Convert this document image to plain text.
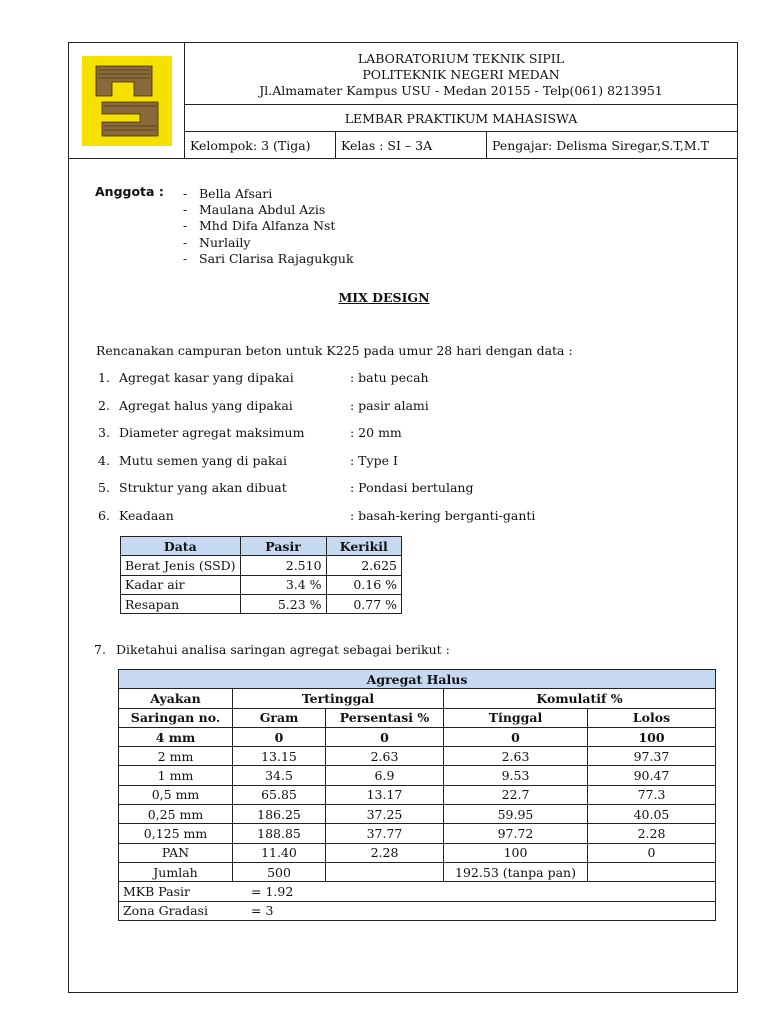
LABORATORIUM TEKNIK SIPIL
POLITEKNIK NEGERI MEDAN
Jl.Almamater Kampus USU - Medan 20155 - Telp(061) 8213951		

	LEMBAR PRAKTIKUM MAHASISWA		
	Kelompok: 3 (Tiga)	Kelas : SI – 3A	Pengajar: Delisma Siregar,S.T,M.T
Anggota : - Bella Afsari
- Maulana Abdul Azis
- Mhd Difa Alfanza Nst
- Nurlaily
- Sari Clarisa Rajagukguk
MIX DESIGN
Rencanakan campuran beton untuk K225 pada umur 28 hari dengan data :
1. Agregat kasar yang dipakai	: batu pecah
2. Agregat halus yang dipakai	: pasir alami
3. Diameter agregat maksimum	: 20 mm
4. Mutu semen yang di pakai	: Type I
5. Struktur yang akan dibuat	: Pondasi bertulang
6. Keadaan	: basah-kering berganti-ganti
Data	Pasir	Kerikil
Berat Jenis (SSD)	2.510	2.625
Kadar air	3.4 %	0.16 %
Resapan	5.23 %	0.77 %
7. Diketahui analisa saringan agregat sebagai berikut :
Agregat Halus				
Ayakan	Tertinggal		Komulatif %	
Saringan no.	Gram	Persentasi %	Tinggal	Lolos
4 mm	0	0	0	100
2 mm	13.15	2.63	2.63	97.37
1 mm	34.5	6.9	9.53	90.47
0,5 mm	65.85	13.17	22.7	77.3
0,25 mm	186.25	37.25	59.95	40.05
0,125 mm	188.85	37.77	97.72	2.28
PAN	11.40	2.28	100	0
Jumlah	500		192.53 (tanpa pan)	
MKB Pasir = 1.92				
Zona Gradasi = 3				
